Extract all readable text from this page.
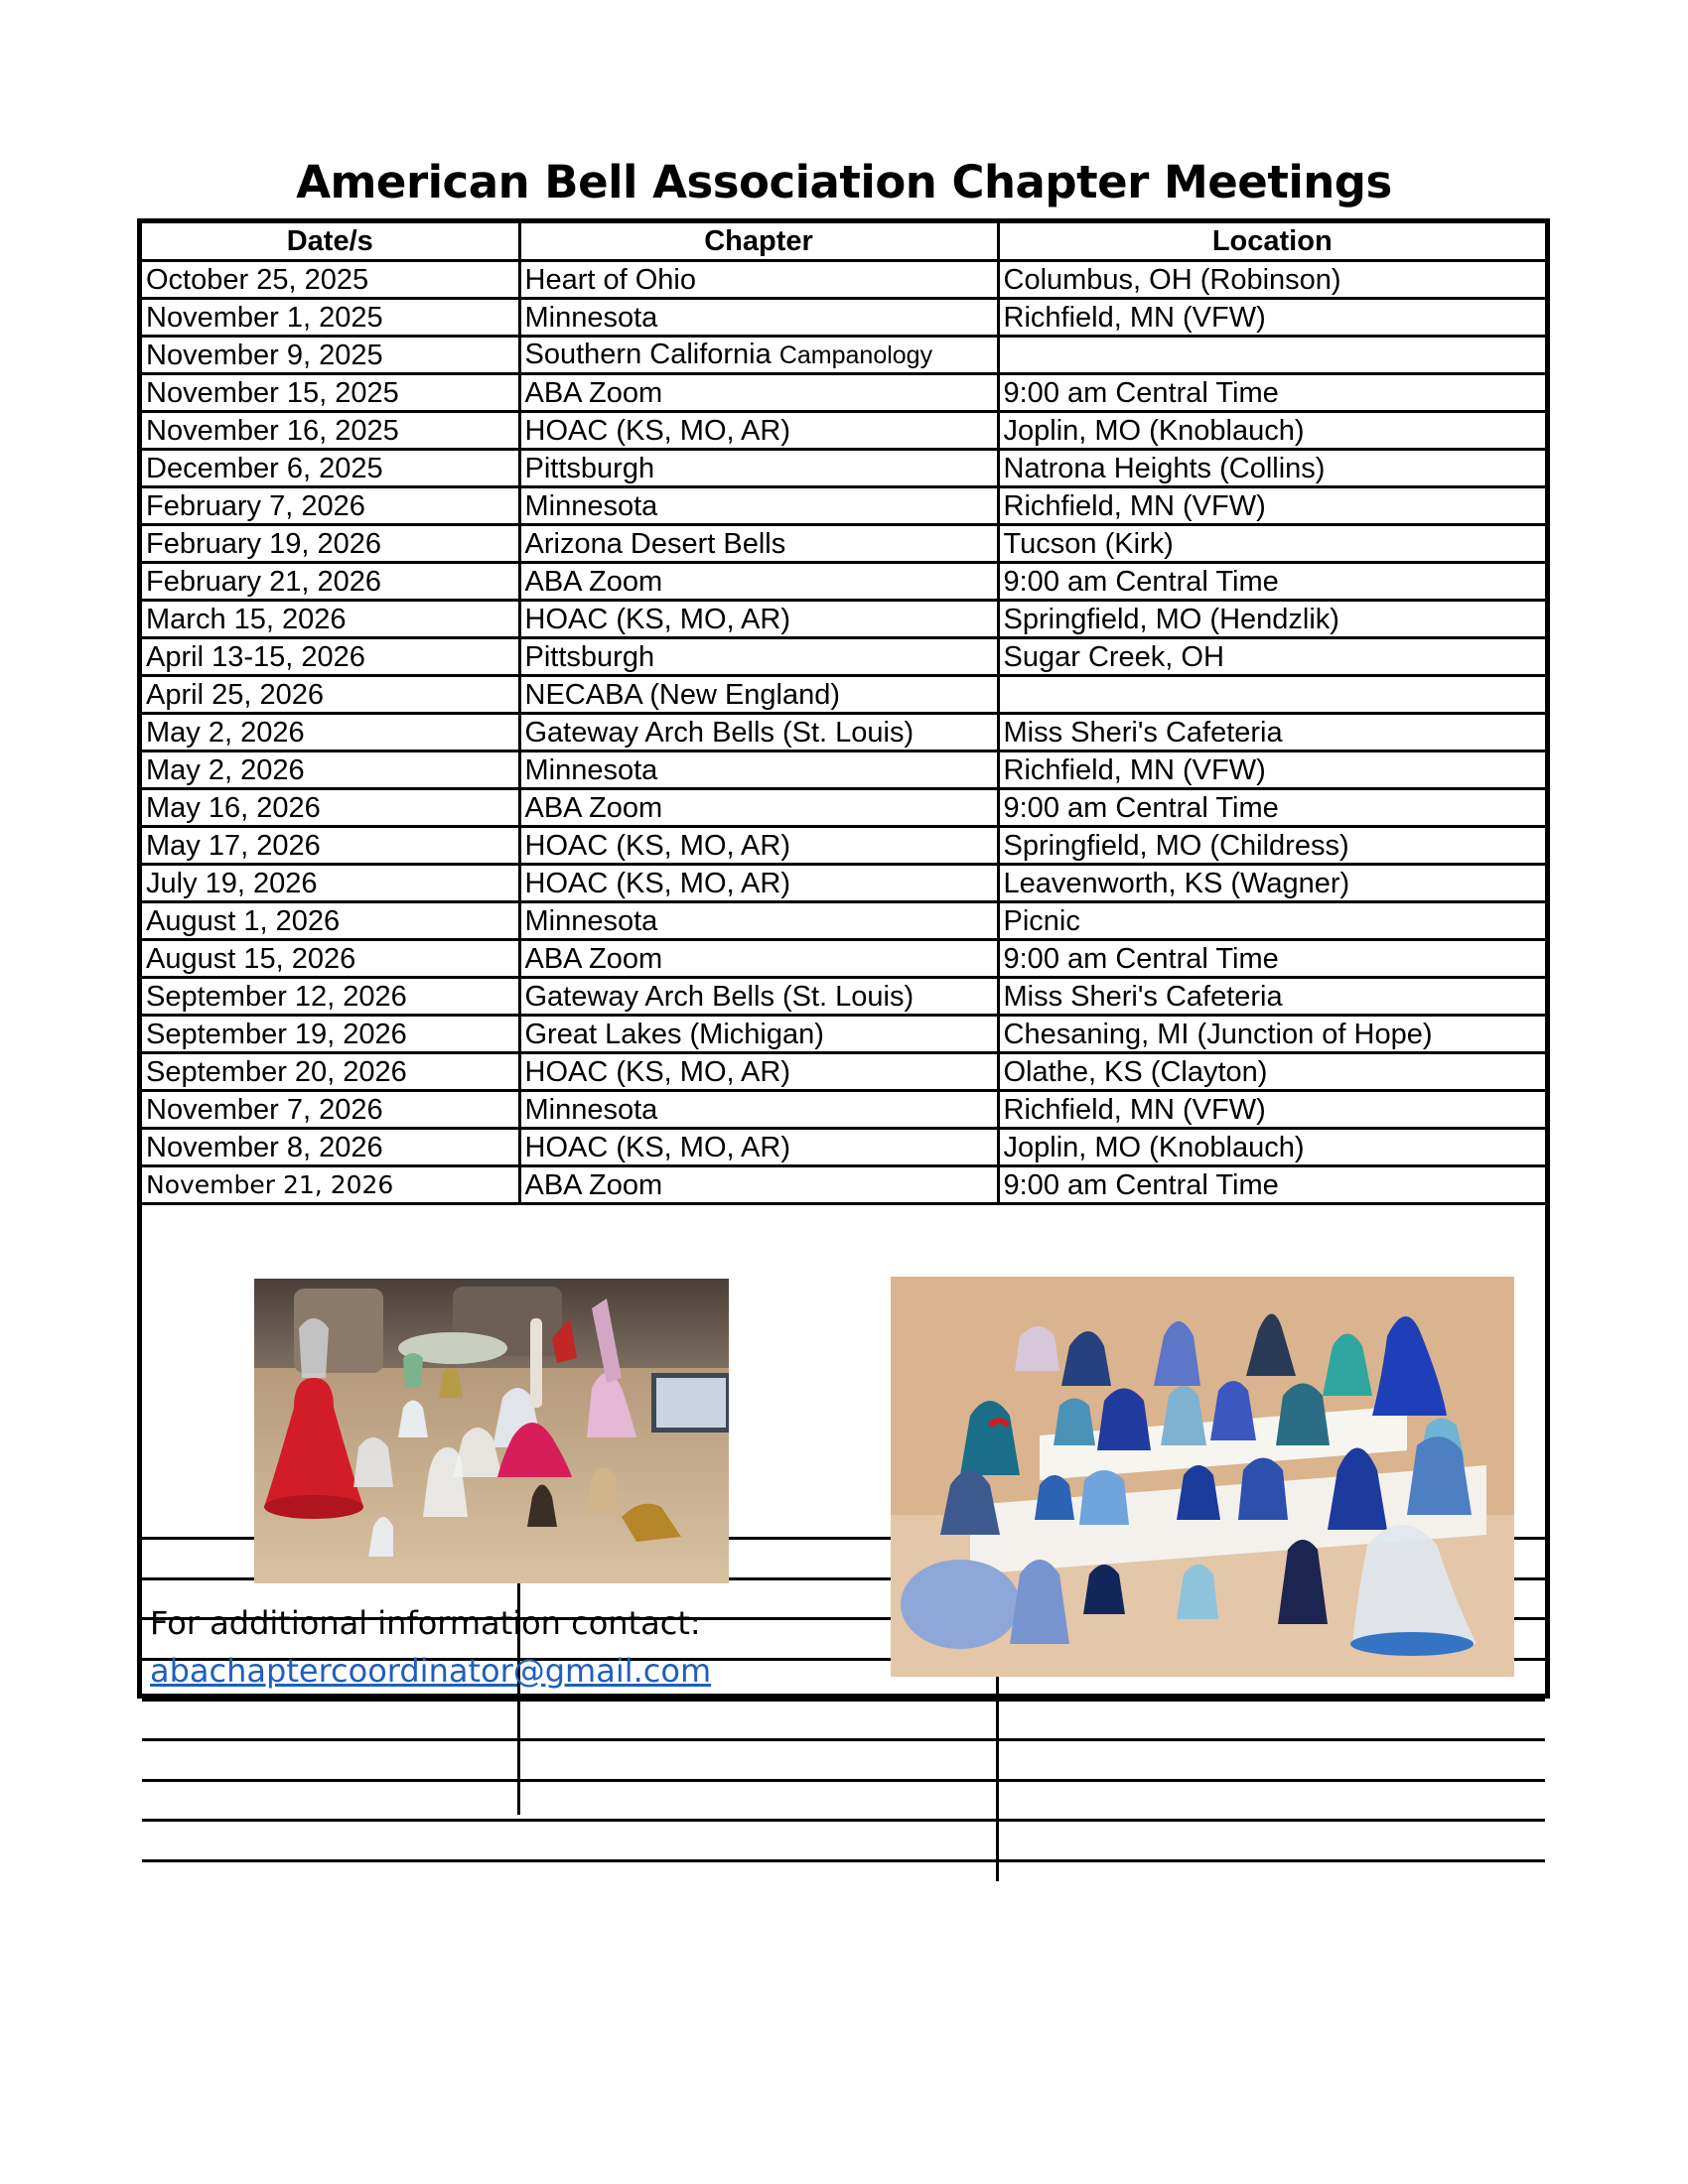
American Bell Association Chapter Meetings
Date/s	Chapter	Location
October 25, 2025	Heart of Ohio	Columbus, OH (Robinson)
November 1, 2025	Minnesota	Richfield, MN (VFW)
November 9, 2025	Southern California Campanology	
November 15, 2025	ABA Zoom	9:00 am Central Time
November 16, 2025	HOAC (KS, MO, AR)	Joplin, MO (Knoblauch)
December 6, 2025	Pittsburgh	Natrona Heights (Collins)
February 7, 2026	Minnesota	Richfield, MN (VFW)
February 19, 2026	Arizona Desert Bells	Tucson (Kirk)
February 21, 2026	ABA Zoom	9:00 am Central Time
March 15, 2026	HOAC (KS, MO, AR)	Springfield, MO (Hendzlik)
April 13-15, 2026	Pittsburgh	Sugar Creek, OH
April 25, 2026	NECABA (New England)	
May 2, 2026	Gateway Arch Bells (St. Louis)	Miss Sheri's Cafeteria
May 2, 2026	Minnesota	Richfield, MN (VFW)
May 16, 2026	ABA Zoom	9:00 am Central Time
May 17, 2026	HOAC (KS, MO, AR)	Springfield, MO (Childress)
July 19, 2026	HOAC (KS, MO, AR)	Leavenworth, KS (Wagner)
August 1, 2026	Minnesota	Picnic
August 15, 2026	ABA Zoom	9:00 am Central Time
September 12, 2026	Gateway Arch Bells (St. Louis)	Miss Sheri's Cafeteria
September 19, 2026	Great Lakes (Michigan)	Chesaning, MI (Junction of Hope)
September 20, 2026	HOAC (KS, MO, AR)	Olathe, KS (Clayton)
November 7, 2026	Minnesota	Richfield, MN (VFW)
November 8, 2026	HOAC (KS, MO, AR)	Joplin, MO (Knoblauch)
November 21, 2026	ABA Zoom	9:00 am Central Time
For additional information contact:
abachaptercoordinator@gmail.com
